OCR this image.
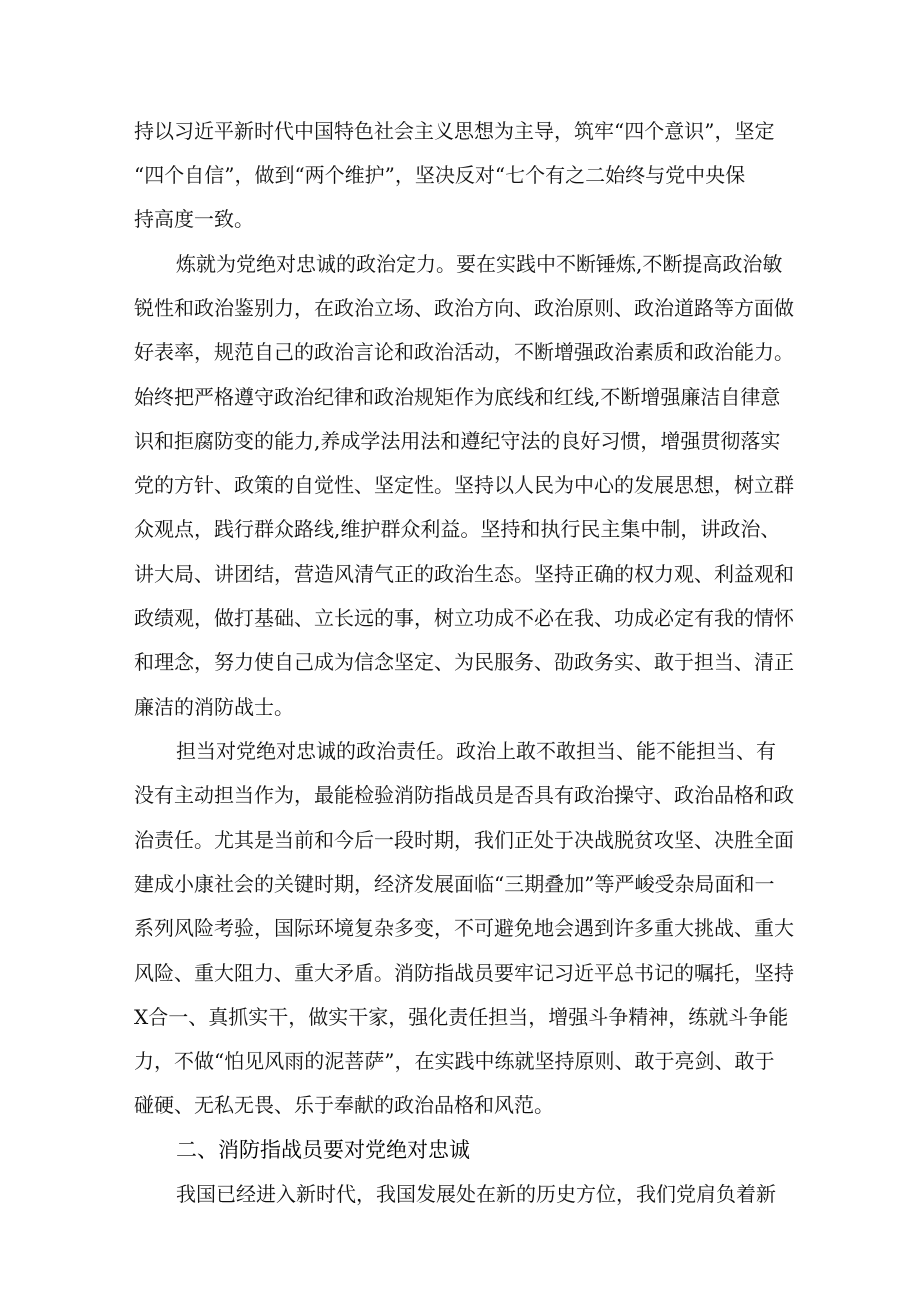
持以习近平新时代中国特色社会主义思想为主导，筑牢“四个意识”，坚定

“四个自信”，做到“两个维护”，坚决反对“七个有之二始终与党中央保

持高度一致。

炼就为党绝对忠诚的政治定力。要在实践中不断锤炼,不断提高政治敏

锐性和政治鉴别力，在政治立场、政治方向、政治原则、政治道路等方面做

好表率，规范自己的政治言论和政治活动，不断增强政治素质和政治能力。

始终把严格遵守政治纪律和政治规矩作为底线和红线,不断增强廉洁自律意

识和拒腐防变的能力,养成学法用法和遵纪守法的良好习惯，增强贯彻落实

党的方针、政策的自觉性、坚定性。坚持以人民为中心的发展思想，树立群

众观点，践行群众路线,维护群众利益。坚持和执行民主集中制，讲政治、

讲大局、讲团结，营造风清气正的政治生态。坚持正确的权力观、利益观和

政绩观，做打基础、立长远的事，树立功成不必在我、功成必定有我的情怀

和理念，努力使自己成为信念坚定、为民服务、劭政务实、敢于担当、清正

廉洁的消防战士。

担当对党绝对忠诚的政治责任。政治上敢不敢担当、能不能担当、有

没有主动担当作为，最能检验消防指战员是否具有政治操守、政治品格和政

治责任。尤其是当前和今后一段时期，我们正处于决战脱贫攻坚、决胜全面

建成小康社会的关键时期，经济发展面临“三期叠加”等严峻受杂局面和一

系列风险考验，国际环境复杂多变，不可避免地会遇到许多重大挑战、重大

风险、重大阻力、重大矛盾。消防指战员要牢记习近平总书记的嘱托，坚持

X合一、真抓实干，做实干家，强化责任担当，增强斗争精神，练就斗争能

力，不做“怕见风雨的泥菩萨”，在实践中练就坚持原则、敢于亮剑、敢于

碰硬、无私无畏、乐于奉献的政治品格和风范。

二、消防指战员要对党绝对忠诚

我国已经进入新时代，我国发展处在新的历史方位，我们党肩负着新
